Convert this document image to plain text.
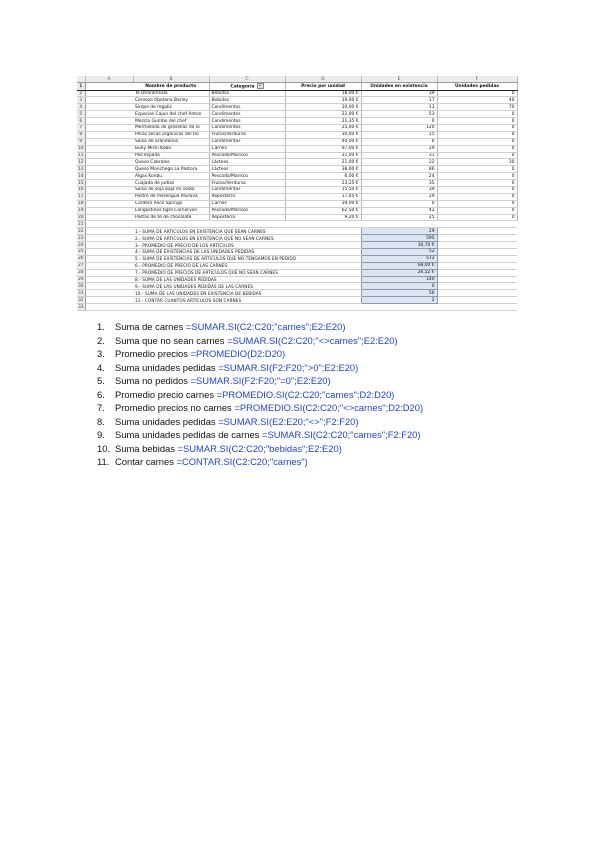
	A	B	C	D	E	F
1		Nombre de producto	Categoría	Precio por unidad	Unidades en existencia	Unidades pedidas
2		Té Dharamsala	Bebidas	18,00 €	39	0
3		Cerveza tibetana Barley	Bebidas	19,00 €	17	40
4		Sirope de regaliz	Condimentos	10,00 €	13	70
5		Especias Cajun del chef Anton	Condimentos	22,00 €	53	0
6		Mezcla Gumbo del chef	Condimentos	21,35 €	0	0
7		Mermelada de grosellas de la	Condimentos	25,00 €	120	0
8		Peras secas orgánicas del tío	Frutas/Verduras	30,00 €	15	0
9		Salsa de arándanos	Condimentos	40,00 €	6	0
10		Buey Mishi Kobe	Carnes	97,00 €	29	0
11		Pez espada	Pescado/Marisco	31,00 €	31	0
12		Queso Cabrales	Lácteos	21,00 €	22	30
13		Queso Manchego La Pastora	Lácteos	38,00 €	86	0
14		Algas Konbu	Pescado/Marisco	6,00 €	24	0
15		Cuajada de judías	Frutas/Verduras	23,25 €	35	0
16		Salsa de soja baja en sodio	Condimentos	15,50 €	39	0
17		Postre de merengue Pavlova	Repostería	17,45 €	29	0
18		Cordero Alice Springs	Carnes	39,00 €	0	0
19		Langostinos tigre Carnarvon	Pescado/Marisco	62,50 €	42	0
20		Pastas de té de chocolate	Repostería	9,20 €	25	0
21						
22		1.- SUMA DE ARTICULOS EN EXISTENCIA QUE SEAN CARNES			29	
23		2.- SUMA DE ARTICULOS EN EXISTENCIA QUE NO SEAN CARNES			595	
24		3.- PROMEDIO DE PRECIO DE LOS ARTICULOS			30,70 €	
25		4.- SUMA DE EXISTENCIAS DE LAS UNIDADES PEDIDAS			52	
26		5.- SUMA DE EXISTENCIAS DE ARTICULOS QUE NO TENGAMOS EN PEDIDO			572	
27		6.- PROMEDIO DE PRECIO DE LAS CARNES			68,00 €	
28		7.- PROMEDIO DE PRECIOS DE ARTICULOS QUE NO SEAN CARNES			26,52 €	
29		8.- SUMA DE LAS UNIDADES PEDIDAS			140	
30		9.- SUMA DE LAS UNIDADES PEDIDAS DE LAS CARNES			0	
31		10.- SUMA DE LAS UNIDADES EN EXISTENCIA DE BEBIDAS			56	
32		11.- CONTAR CUANTOS ARTICULOS SON CARNES			2	
33						
1. Suma de carnes =SUMAR.SI(C2:C20;"carnes";E2:E20)
2. Suma que no sean carnes =SUMAR.SI(C2:C20;"<>carnes";E2:E20)
3. Promedio precios =PROMEDIO(D2:D20)
4. Suma unidades pedidas =SUMAR.SI(F2:F20;">0";E2:E20)
5. Suma no pedidos =SUMAR.SI(F2:F20;"=0";E2:E20)
6. Promedio precio carnes =PROMEDIO.SI(C2:C20;"carnes";D2:D20)
7. Promedio precios no carnes =PROMEDIO.SI(C2:C20;"<>carnes";D2:D20)
8. Suma unidades pedidas =SUMAR.SI(E2:E20;"<>";F2:F20)
9. Suma unidades pedidas de carnes =SUMAR.SI(C2:C20;"carnes";F2:F20)
10. Suma bebidas =SUMAR.SI(C2:C20;"bebidas";E2:E20)
11. Contar carnes =CONTAR.SI(C2:C20;"carnes")
